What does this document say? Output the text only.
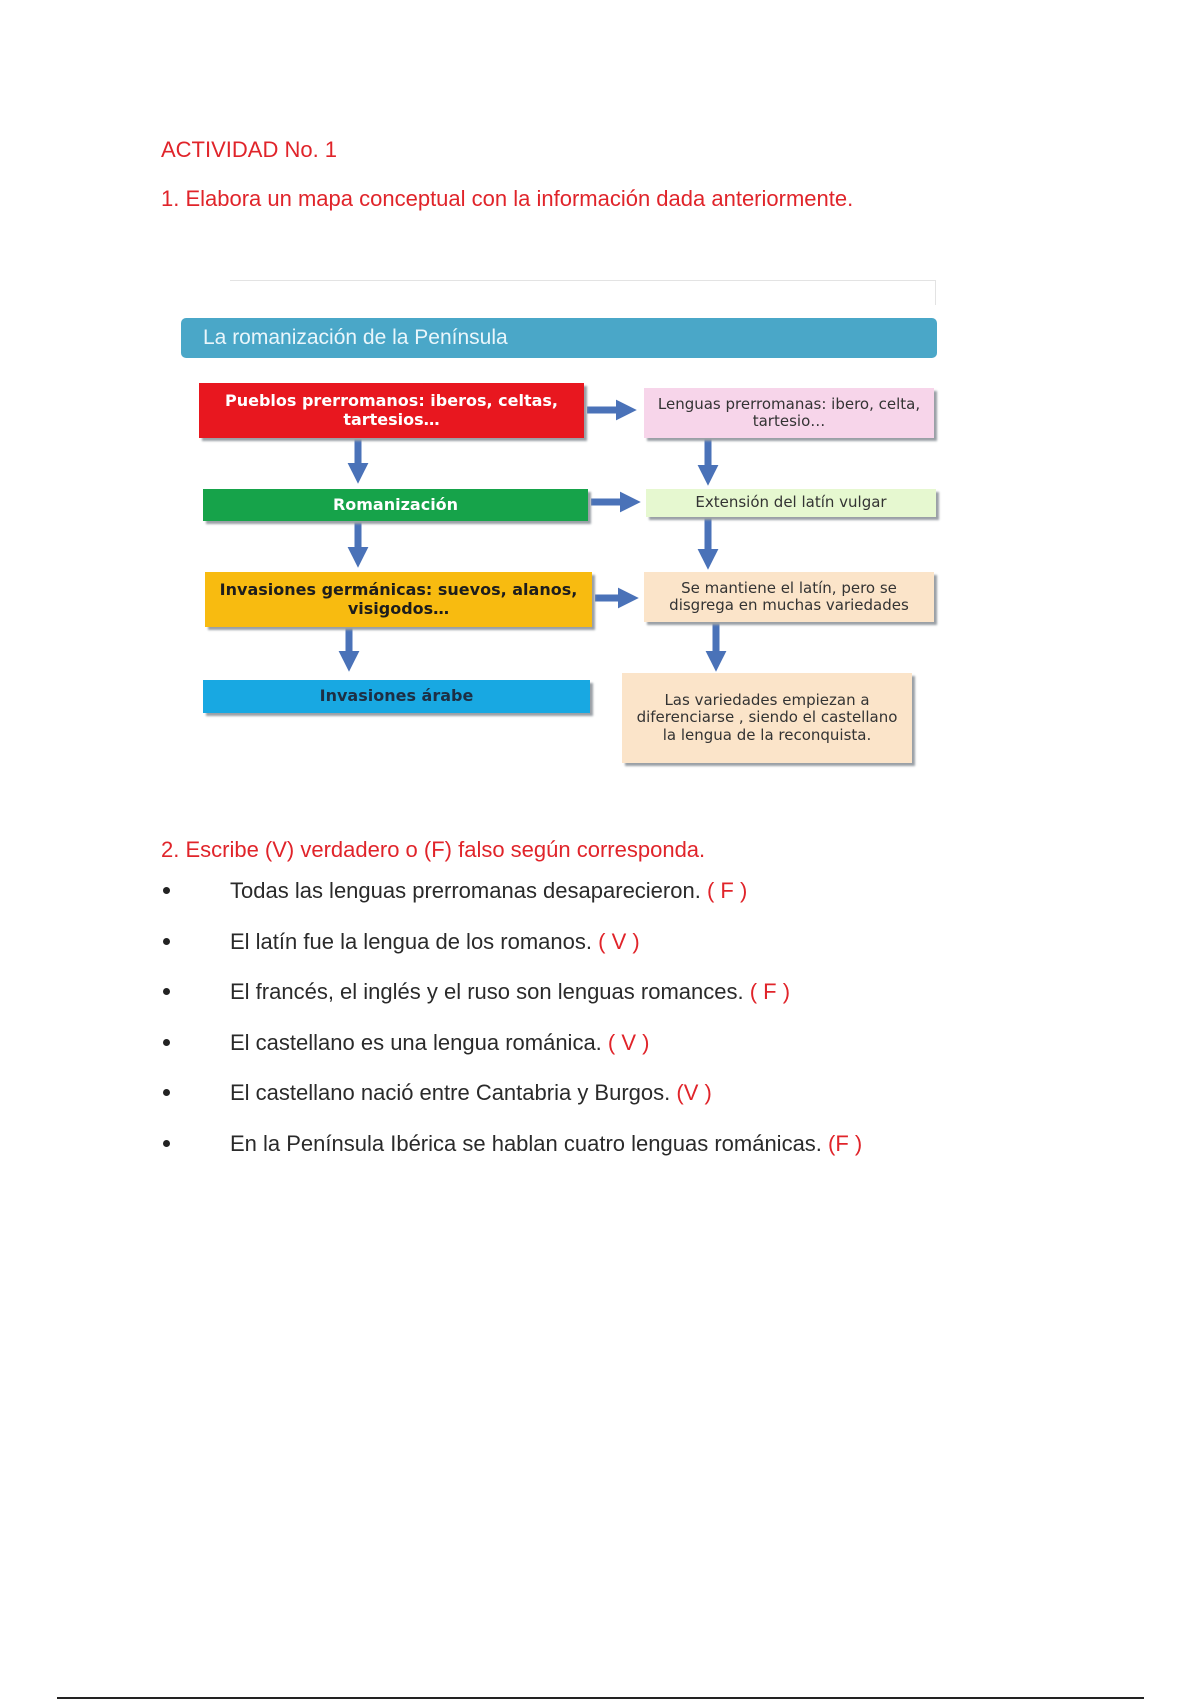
ACTIVIDAD No. 1
1. Elabora un mapa conceptual con la información dada anteriormente.
La romanización de la Península
Pueblos prerromanos: iberos, celtas, tartesios…
Romanización
Invasiones germánicas: suevos, alanos, visigodos…
Invasiones árabe
Lenguas prerromanas: ibero, celta, tartesio…
Extensión del latín vulgar
Se mantiene el latín, pero se disgrega en muchas variedades
Las variedades empiezan a diferenciarse , siendo el castellano la lengua de la reconquista.
2. Escribe (V) verdadero o (F) falso según corresponda.
Todas las lenguas prerromanas desaparecieron. ( F )
El latín fue la lengua de los romanos. ( V )
El francés, el inglés y el ruso son lenguas romances. ( F )
El castellano es una lengua románica. ( V )
El castellano nació entre Cantabria y Burgos. (V )
En la Península Ibérica se hablan cuatro lenguas románicas. (F )
